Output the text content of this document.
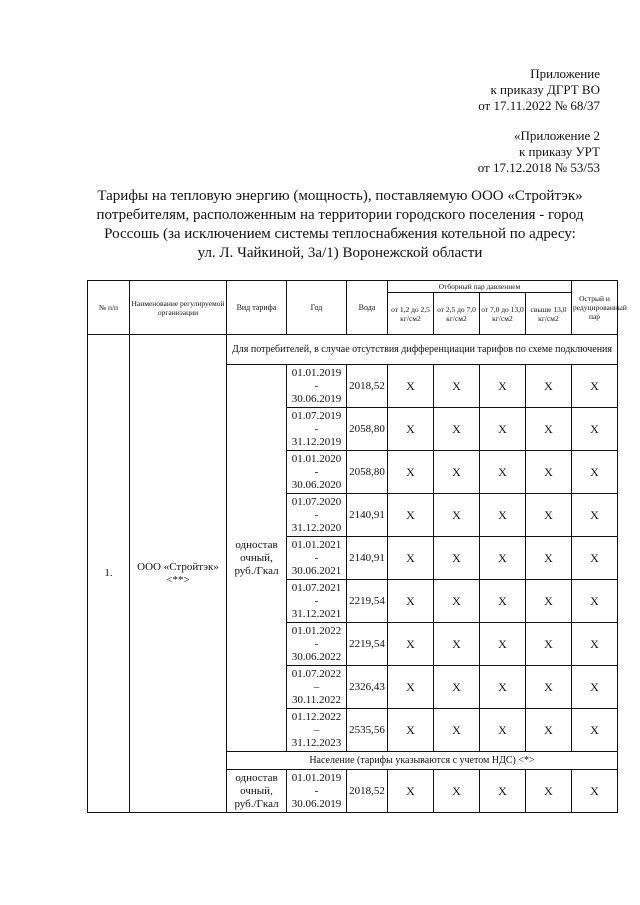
Приложение
к приказу ДГРТ ВО
от 17.11.2022 № 68/37
«Приложение 2
к приказу УРТ
от 17.12.2018 № 53/53
Тарифы на тепловую энергию (мощность), поставляемую ООО «Стройтэк»
потребителям, расположенным на территории городского поселения - город
Россошь (за исключением системы теплоснабжения котельной по адресу:
ул. Л. Чайкиной, 3а/1) Воронежской области
№ п/п	Наименование регулируемой организации	Вид тарифа	Год	Вода	Отборный пар давлением				Острый и редуцированный пар
					от 1,2 до 2,5 кг/см2	от 2,5 до 7,0 кг/см2	от 7,0 до 13,0 кг/см2	свыше 13,0 кг/см2	
1.	ООО «Стройтэк» <**>	Для потребителей, в случае отсутствия дифференциации тарифов по схеме подключения							
		одностав очный, руб./Гкал	01.01.2019
-
30.06.2019	2018,52	X	X	X	X	X

			01.07.2019
-
31.12.2019	2058,80	X	X	X	X	X

			01.01.2020
-
30.06.2020	2058,80	X	X	X	X	X

			01.07.2020
-
31.12.2020	2140,91	X	X	X	X	X

			01.01.2021
-
30.06.2021	2140,91	X	X	X	X	X

			01.07.2021
-
31.12.2021	2219,54	X	X	X	X	X

			01.01.2022
-
30.06.2022	2219,54	X	X	X	X	X

			01.07.2022
–
30.11.2022	2326,43	X	X	X	X	X

			01.12.2022
–
31.12.2023	2535,56	X	X	X	X	X
		Население (тарифы указываются с учетом НДС) <*>							
		одностав очный, руб./Гкал	01.01.2019
-
30.06.2019	2018,52	X	X	X	X	X
